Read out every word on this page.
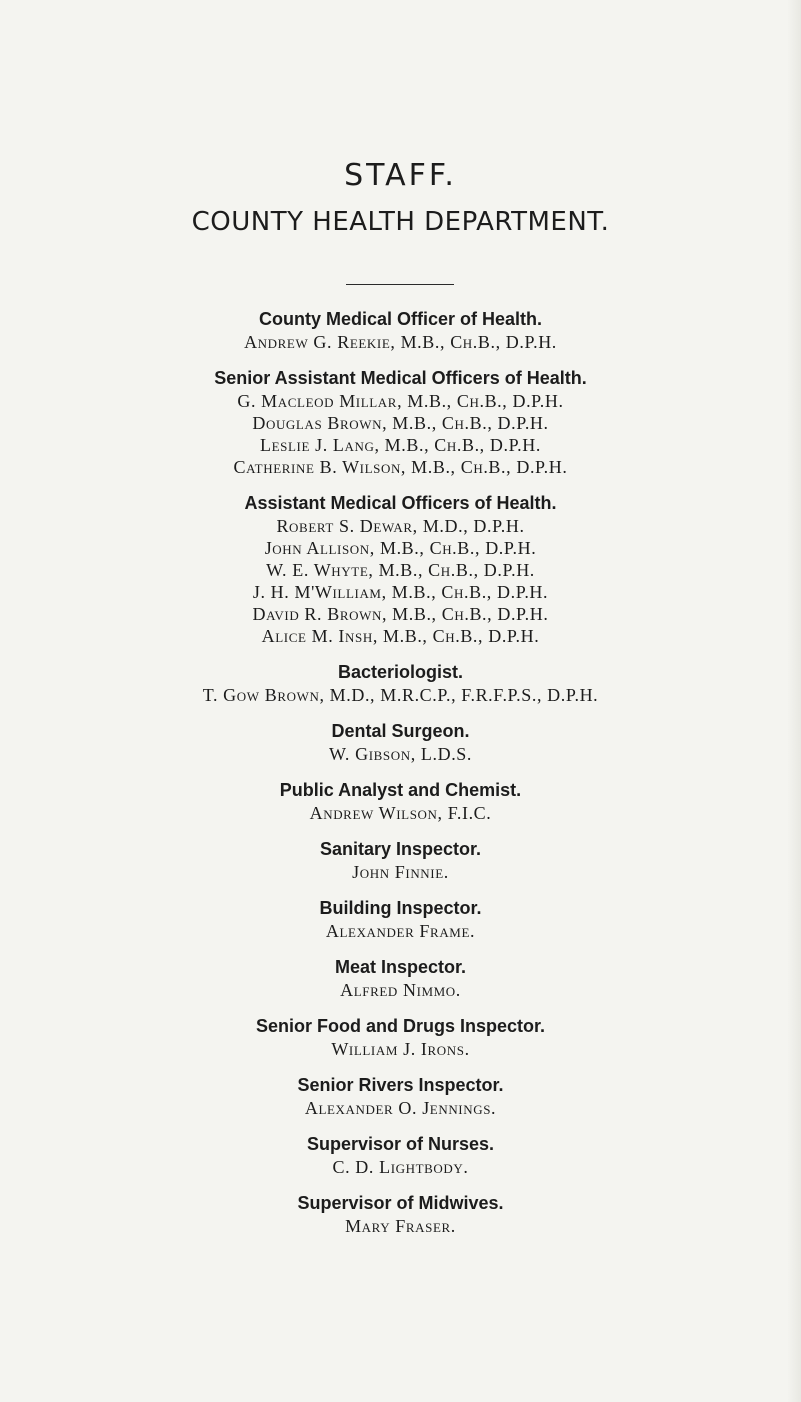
STAFF.
COUNTY HEALTH DEPARTMENT.
County Medical Officer of Health.
Andrew G. Reekie, M.B., Ch.B., D.P.H.
Senior Assistant Medical Officers of Health.
G. Macleod Millar, M.B., Ch.B., D.P.H.
Douglas Brown, M.B., Ch.B., D.P.H.
Leslie J. Lang, M.B., Ch.B., D.P.H.
Catherine B. Wilson, M.B., Ch.B., D.P.H.
Assistant Medical Officers of Health.
Robert S. Dewar, M.D., D.P.H.
John Allison, M.B., Ch.B., D.P.H.
W. E. Whyte, M.B., Ch.B., D.P.H.
J. H. M'William, M.B., Ch.B., D.P.H.
David R. Brown, M.B., Ch.B., D.P.H.
Alice M. Insh, M.B., Ch.B., D.P.H.
Bacteriologist.
T. Gow Brown, M.D., M.R.C.P., F.R.F.P.S., D.P.H.
Dental Surgeon.
W. Gibson, L.D.S.
Public Analyst and Chemist.
Andrew Wilson, F.I.C.
Sanitary Inspector.
John Finnie.
Building Inspector.
Alexander Frame.
Meat Inspector.
Alfred Nimmo.
Senior Food and Drugs Inspector.
William J. Irons.
Senior Rivers Inspector.
Alexander O. Jennings.
Supervisor of Nurses.
C. D. Lightbody.
Supervisor of Midwives.
Mary Fraser.
